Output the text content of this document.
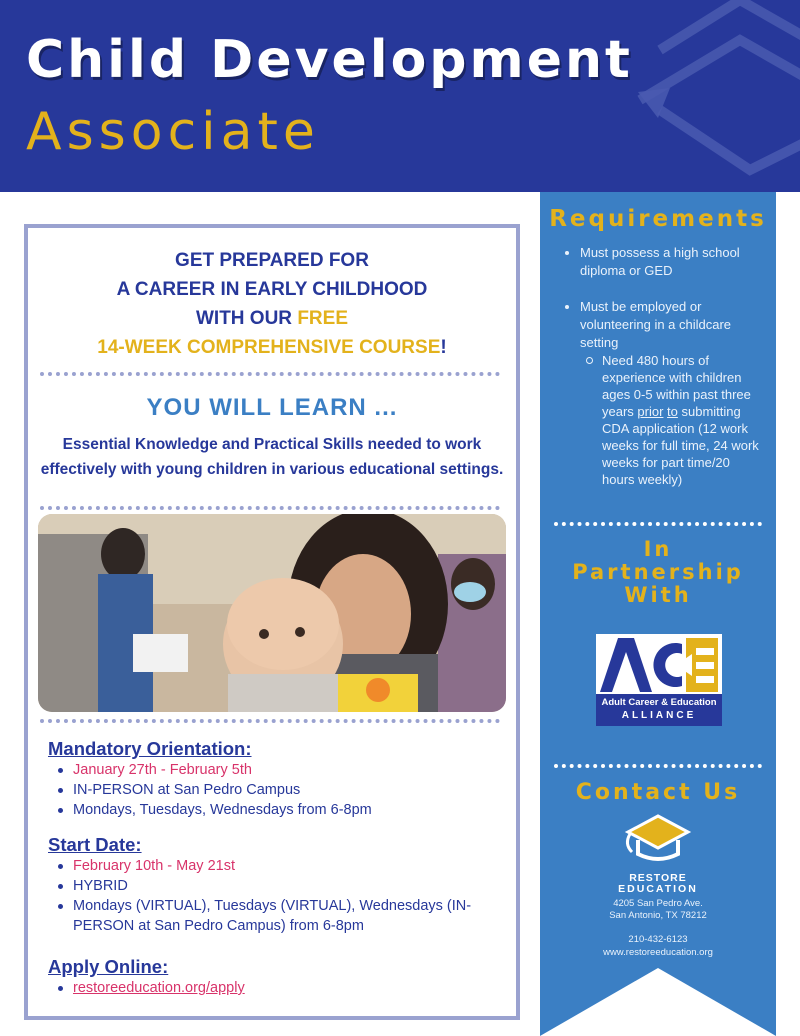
Child Development
Associate
GET PREPARED FOR
A CAREER IN EARLY CHILDHOOD
WITH OUR FREE
14-WEEK COMPREHENSIVE COURSE!
YOU WILL LEARN ...
Essential Knowledge and Practical Skills needed to work effectively with young children in various educational settings.
Mandatory Orientation:
January 27th - February 5th
IN-PERSON at San Pedro Campus
Mondays, Tuesdays, Wednesdays from 6-8pm
Start Date:
February 10th - May 21st
HYBRID
Mondays (VIRTUAL), Tuesdays (VIRTUAL), Wednesdays (IN-PERSON at San Pedro Campus) from 6-8pm
Apply Online:
restoreeducation.org/apply
Requirements
Must possess a high school diploma or GED
Must be employed or volunteering in a childcare setting
Need 480 hours of experience with children ages 0-5 within past three years prior to submitting CDA application (12 work weeks for full time, 24 work weeks for part time/20 hours weekly)
In
Partnership
With
Adult Career & Education
ALLIANCE
Contact Us
RESTORE
EDUCATION
4205 San Pedro Ave.
San Antonio, TX 78212
210-432-6123
www.restoreeducation.org
